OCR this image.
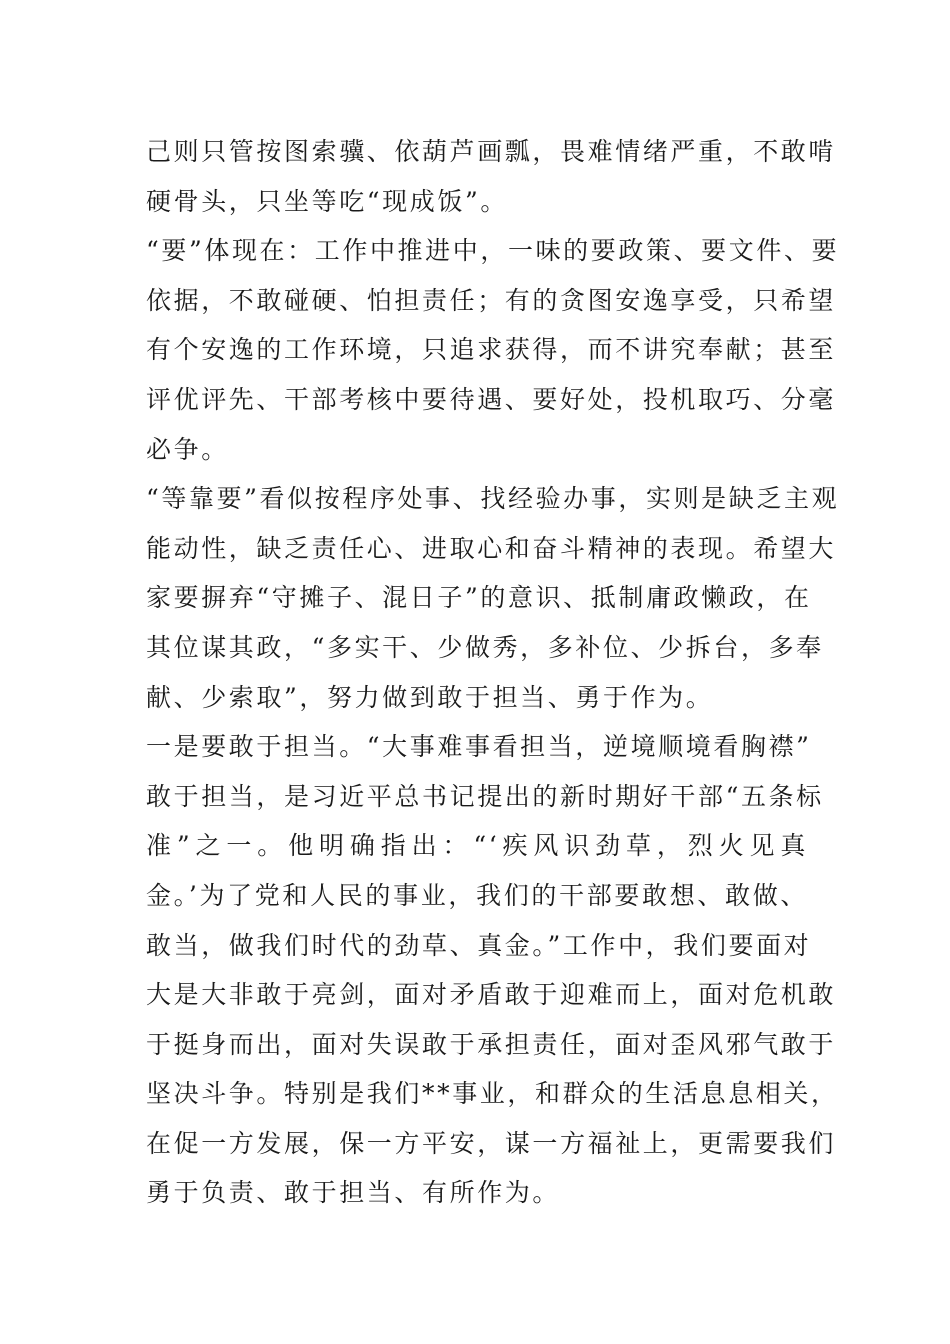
己则只管按图索骥、依葫芦画瓢，畏难情绪严重，不敢啃
硬骨头，只坐等吃“现成饭”。
“要”体现在：工作中推进中，一味的要政策、要文件、要
依据，不敢碰硬、怕担责任；有的贪图安逸享受，只希望
有个安逸的工作环境，只追求获得，而不讲究奉献；甚至
评优评先、干部考核中要待遇、要好处，投机取巧、分毫
必争。
“等靠要”看似按程序处事、找经验办事，实则是缺乏主观
能动性，缺乏责任心、进取心和奋斗精神的表现。希望大
家要摒弃“守摊子、混日子”的意识、抵制庸政懒政，在
其位谋其政，“多实干、少做秀，多补位、少拆台，多奉
献、少索取”，努力做到敢于担当、勇于作为。
一是要敢于担当。“大事难事看担当，逆境顺境看胸襟”
敢于担当，是习近平总书记提出的新时期好干部“五条标
准”之一。他明确指出：“‘疾风识劲草，烈火见真
金。’为了党和人民的事业，我们的干部要敢想、敢做、
敢当，做我们时代的劲草、真金。”工作中，我们要面对
大是大非敢于亮剑，面对矛盾敢于迎难而上，面对危机敢
于挺身而出，面对失误敢于承担责任，面对歪风邪气敢于
坚决斗争。特别是我们**事业，和群众的生活息息相关，
在促一方发展，保一方平安，谋一方福祉上，更需要我们
勇于负责、敢于担当、有所作为。
